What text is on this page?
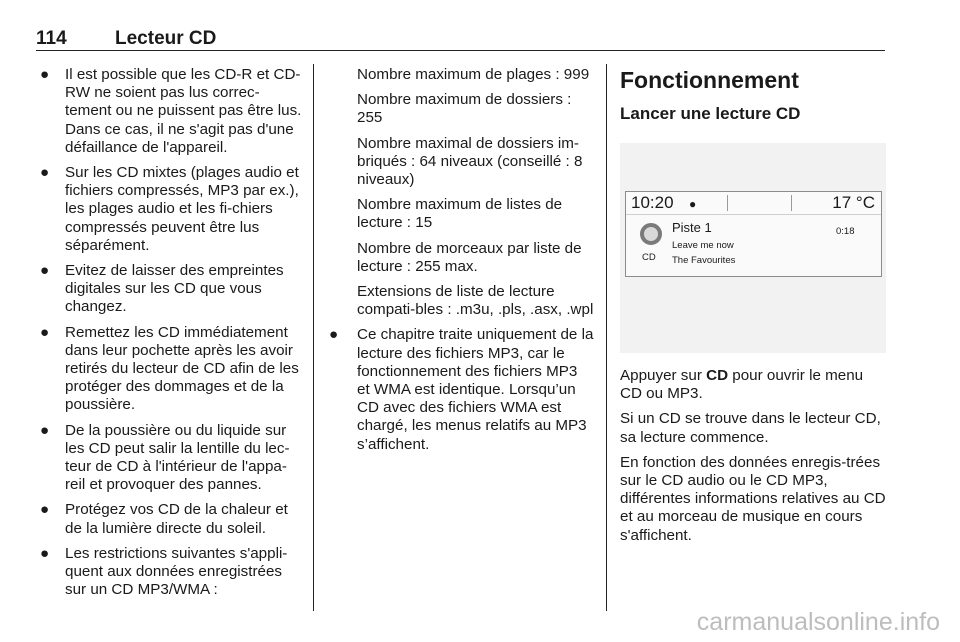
114	Lecteur CD
● Il est possible que les CD-R et CD-RW ne soient pas lus correc-tement ou ne puissent pas être lus. Dans ce cas, il ne s'agit pas d'une défaillance de l'appareil.
● Sur les CD mixtes (plages audio et fichiers compressés, MP3 par ex.), les plages audio et les fi-chiers compressés peuvent être lus séparément.
● Evitez de laisser des empreintes digitales sur les CD que vous changez.
● Remettez les CD immédiatement dans leur pochette après les avoir retirés du lecteur de CD afin de les protéger des dommages et de la poussière.
● De la poussière ou du liquide sur les CD peut salir la lentille du lec-teur de CD à l'intérieur de l'appa-reil et provoquer des pannes.
● Protégez vos CD de la chaleur et de la lumière directe du soleil.
● Les restrictions suivantes s'appli-quent aux données enregistrées sur un CD MP3/WMA :
Nombre maximum de plages : 999
Nombre maximum de dossiers : 255
Nombre maximal de dossiers im-briqués : 64 niveaux (conseillé : 8 niveaux)
Nombre maximum de listes de lecture : 15
Nombre de morceaux par liste de lecture : 255 max.
Extensions de liste de lecture compati-bles : .m3u, .pls, .asx, .wpl
● Ce chapitre traite uniquement de la lecture des fichiers MP3, car le fonctionnement des fichiers MP3 et WMA est identique. Lorsqu’un CD avec des fichiers WMA est chargé, les menus relatifs au MP3 s’affichent.
Fonctionnement
Lancer une lecture CD
10:20 ●	17 °C
CD
Piste 1
Leave me now
The Favourites
0:18
Appuyer sur CD pour ouvrir le menu CD ou MP3.
Si un CD se trouve dans le lecteur CD, sa lecture commence.
En fonction des données enregis-trées sur le CD audio ou le CD MP3, différentes informations relatives au CD et au morceau de musique en cours s'affichent.
carmanualsonline.info
